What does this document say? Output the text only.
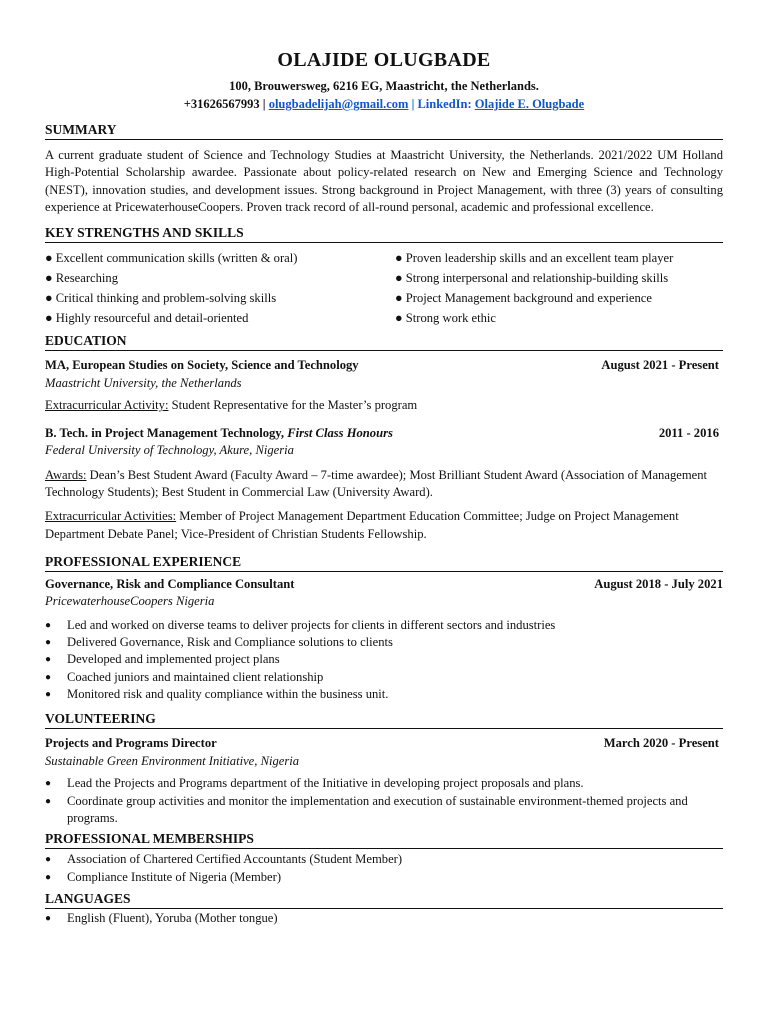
OLAJIDE OLUGBADE
100, Brouwersweg, 6216 EG, Maastricht, the Netherlands.
+31626567993 | olugbadelijah@gmail.com | LinkedIn: Olajide E. Olugbade
SUMMARY
A current graduate student of Science and Technology Studies at Maastricht University, the Netherlands. 2021/2022 UM Holland High-Potential Scholarship awardee. Passionate about policy-related research on New and Emerging Science and Technology (NEST), innovation studies, and development issues. Strong background in Project Management, with three (3) years of consulting experience at PricewaterhouseCoopers. Proven track record of all-round personal, academic and professional excellence.
KEY STRENGTHS AND SKILLS
● Excellent communication skills (written & oral)
● Researching
● Critical thinking and problem-solving skills
● Highly resourceful and detail-oriented
● Proven leadership skills and an excellent team player
● Strong interpersonal and relationship-building skills
● Project Management background and experience
● Strong work ethic
EDUCATION
MA, European Studies on Society, Science and Technology	August 2021 - Present
Maastricht University, the Netherlands
Extracurricular Activity: Student Representative for the Master’s program
B. Tech. in Project Management Technology, First Class Honours	2011 - 2016
Federal University of Technology, Akure, Nigeria
Awards: Dean’s Best Student Award (Faculty Award – 7-time awardee); Most Brilliant Student Award (Association of Management Technology Students); Best Student in Commercial Law (University Award).
Extracurricular Activities: Member of Project Management Department Education Committee; Judge on Project Management Department Debate Panel; Vice-President of Christian Students Fellowship.
PROFESSIONAL EXPERIENCE
Governance, Risk and Compliance Consultant	August 2018 - July 2021
PricewaterhouseCoopers Nigeria
● Led and worked on diverse teams to deliver projects for clients in different sectors and industries
● Delivered Governance, Risk and Compliance solutions to clients
● Developed and implemented project plans
● Coached juniors and maintained client relationship
● Monitored risk and quality compliance within the business unit.
VOLUNTEERING
Projects and Programs Director	March 2020 - Present
Sustainable Green Environment Initiative, Nigeria
● Lead the Projects and Programs department of the Initiative in developing project proposals and plans.
● Coordinate group activities and monitor the implementation and execution of sustainable environment-themed projects and programs.
PROFESSIONAL MEMBERSHIPS
● Association of Chartered Certified Accountants (Student Member)
● Compliance Institute of Nigeria (Member)
LANGUAGES
● English (Fluent), Yoruba (Mother tongue)
